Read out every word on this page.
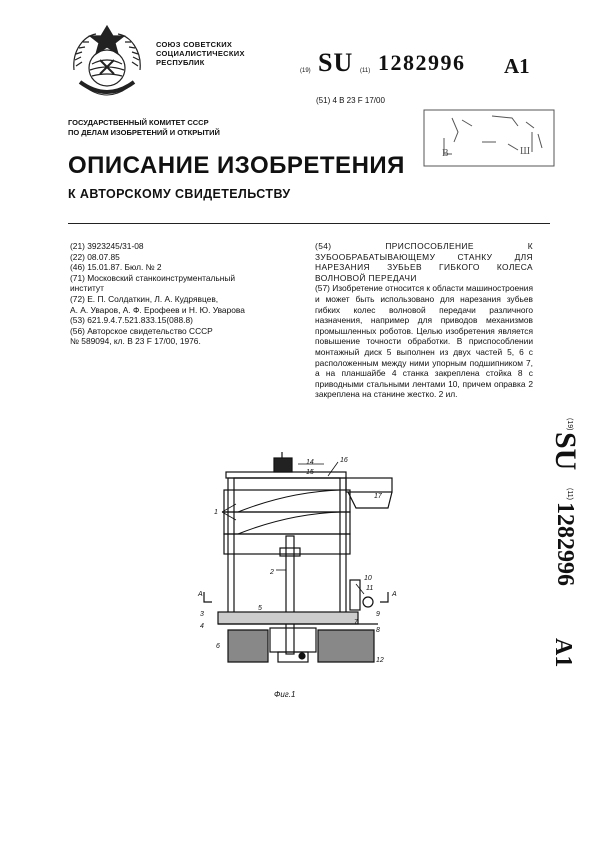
СОЮЗ СОВЕТСКИХ
СОЦИАЛИСТИЧЕСКИХ
РЕСПУБЛИК
(19) SU (11) 1282996 A1
(51) 4 B 23 F 17/00
В	Ш
ГОСУДАРСТВЕННЫЙ КОМИТЕТ СССР
ПО ДЕЛАМ ИЗОБРЕТЕНИЙ И ОТКРЫТИЙ
ОПИСАНИЕ ИЗОБРЕТЕНИЯ
К АВТОРСКОМУ СВИДЕТЕЛЬСТВУ
(21) 3923245/31-08
(22) 08.07.85
(46) 15.01.87. Бюл. № 2
(71) Московский станкоинструментальный
институт
(72) Е. П. Солдаткин, Л. А. Кудрявцев,
А. А. Уваров, А. Ф. Ерофеев и Н. Ю. Уварова
(53) 621.9.4.7.521.833.15(088.8)
(56) Авторское свидетельство СССР
№ 589094, кл. В 23 F 17/00, 1976.
(54) ПРИСПОСОБЛЕНИЕ К ЗУБООБРАБАТЫВАЮЩЕМУ СТАНКУ ДЛЯ НАРЕЗАНИЯ ЗУБЬЕВ ГИБКОГО КОЛЕСА ВОЛНОВОЙ ПЕРЕДАЧИ
(57) Изобретение относится к области машиностроения и может быть использовано для нарезания зубьев гибких колес волновой передачи различного назначения, например для приводов механизмов промышленных роботов. Целью изобретения является повышение точности обработки. В приспособлении монтажный диск 5 выполнен из двух частей 5, 6 с расположенным между ними упорным подшипником 7, а на планшайбе 4 станка закреплена стойка 8 с приводными стальными лентами 10, причем оправка 2 закреплена на станине жестко. 2 ил.
(19)
SU
(11)
1282996
A1
1
2
3
4
5
6
7
8
9
10
11
12
14
15
16
17
А	А
Фиг.1
